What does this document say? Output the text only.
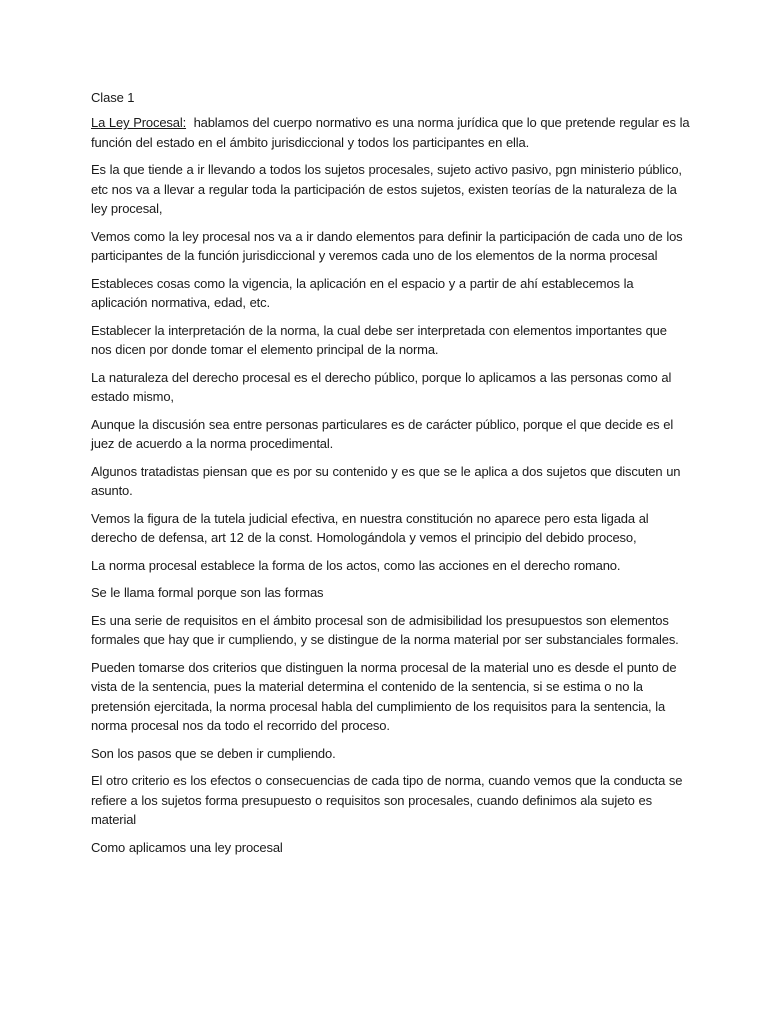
Clase 1

La Ley Procesal:  hablamos del cuerpo normativo es una norma jurídica que lo que pretende regular es la función del estado en el ámbito jurisdiccional y todos los participantes en ella.

Es la que tiende a ir llevando a todos los sujetos procesales, sujeto activo pasivo, pgn ministerio público, etc nos va a llevar a regular toda la participación de estos sujetos, existen teorías de la naturaleza de la ley procesal,

Vemos como la ley procesal nos va a ir dando elementos para definir la participación de cada uno de los participantes de la función jurisdiccional y veremos cada uno de los elementos de la norma procesal

Estableces cosas como la vigencia, la aplicación en el espacio y a partir de ahí establecemos la aplicación normativa, edad, etc.

Establecer la interpretación de la norma, la cual debe ser interpretada con elementos importantes que nos dicen por donde tomar el elemento principal de la norma.

La naturaleza del derecho procesal es el derecho público, porque lo aplicamos a las personas como al estado mismo,

Aunque la discusión sea entre personas particulares es de carácter público, porque el que decide es el juez de acuerdo a la norma procedimental.

Algunos tratadistas piensan que es por su contenido y es que se le aplica a dos sujetos que discuten un asunto.

Vemos la figura de la tutela judicial efectiva, en nuestra constitución no aparece pero esta ligada al derecho de defensa, art 12 de la const. Homologándola y vemos el principio del debido proceso,

La norma procesal establece la forma de los actos, como las acciones en el derecho romano.

Se le llama formal porque son las formas

Es una serie de requisitos en el ámbito procesal son de admisibilidad los presupuestos son elementos formales que hay que ir cumpliendo, y se distingue de la norma material por ser substanciales formales.

Pueden tomarse dos criterios que distinguen la norma procesal de la material uno es desde el punto de vista de la sentencia, pues la material determina el contenido de la sentencia, si se estima o no la pretensión ejercitada, la norma procesal habla del cumplimiento de los requisitos para la sentencia, la norma procesal nos da todo el recorrido del proceso.

Son los pasos que se deben ir cumpliendo.

El otro criterio es los efectos o consecuencias de cada tipo de norma, cuando vemos que la conducta se refiere a los sujetos forma presupuesto o requisitos son procesales, cuando definimos ala sujeto es material

Como aplicamos una ley procesal
